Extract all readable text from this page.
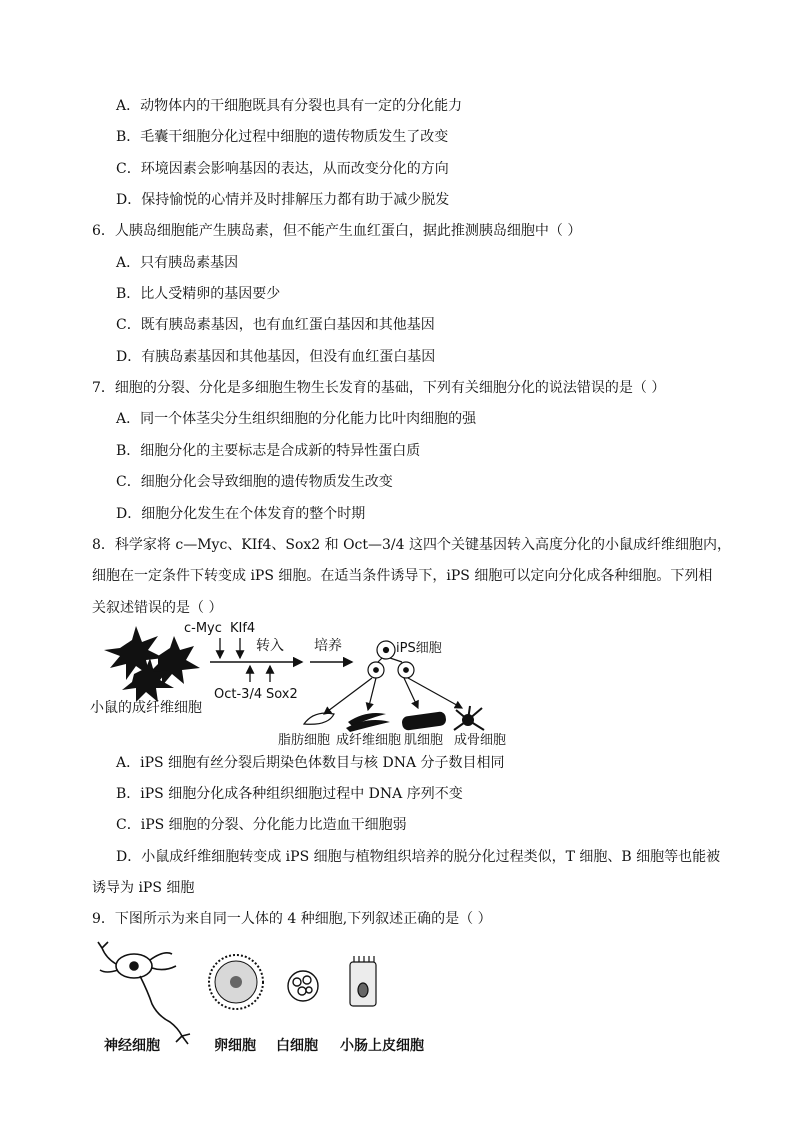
A．动物体内的干细胞既具有分裂也具有一定的分化能力
B．毛囊干细胞分化过程中细胞的遗传物质发生了改变
C．环境因素会影响基因的表达，从而改变分化的方向
D．保持愉悦的心情并及时排解压力都有助于减少脱发
6．人胰岛细胞能产生胰岛素，但不能产生血红蛋白，据此推测胰岛细胞中（ ）
A．只有胰岛素基因
B．比人受精卵的基因要少
C．既有胰岛素基因，也有血红蛋白基因和其他基因
D．有胰岛素基因和其他基因，但没有血红蛋白基因
7．细胞的分裂、分化是多细胞生物生长发育的基础，下列有关细胞分化的说法错误的是（ ）
A．同一个体茎尖分生组织细胞的分化能力比叶肉细胞的强
B．细胞分化的主要标志是合成新的特异性蛋白质
C．细胞分化会导致细胞的遗传物质发生改变
D．细胞分化发生在个体发育的整个时期
8．科学家将 c—Myc、KIf4、Sox2 和 Oct—3/4 这四个关键基因转入高度分化的小鼠成纤维细胞内，
细胞在一定条件下转变成 iPS 细胞。在适当条件诱导下，iPS 细胞可以定向分化成各种细胞。下列相
关叙述错误的是（ ）
小鼠的成纤维细胞
c-Myc KIf4
转入
Oct-3/4 Sox2
培养	iPS细胞
脂肪细胞 成纤维细胞 肌细胞 成骨细胞
A．iPS 细胞有丝分裂后期染色体数目与核 DNA 分子数目相同
B．iPS 细胞分化成各种组织细胞过程中 DNA 序列不变
C．iPS 细胞的分裂、分化能力比造血干细胞弱
D．小鼠成纤维细胞转变成 iPS 细胞与植物组织培养的脱分化过程类似，T 细胞、B 细胞等也能被
诱导为 iPS 细胞
9．下图所示为来自同一人体的 4 种细胞,下列叙述正确的是（ ）
神经细胞	卵细胞 白细胞 小肠上皮细胞
